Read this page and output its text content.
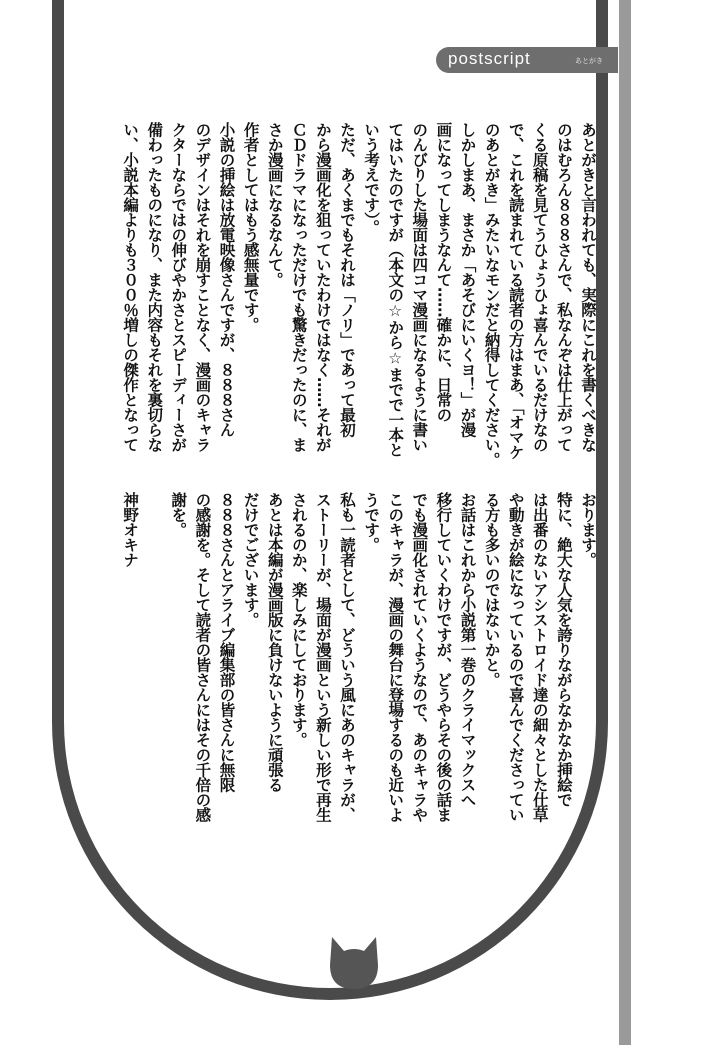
postscript	あとがき
あとがきと言われても、実際にこれを書くべきな
のはむろん８８８さんで、私なんぞは仕上がって
くる原稿を見てうひょうひょ喜んでいるだけなの
で、これを読まれている読者の方はまあ、「オマケ
のあとがき」みたいなモンだと納得してください。
しかしまあ、まさか「あそびにいくヨ！」が漫
画になってしまうなんて……確かに、日常の
のんびりした場面は四コマ漫画になるように書い
てはいたのですが（本文の☆から☆までで一本と
いう考えです）。
ただ、あくまでもそれは「ノリ」であって最初
から漫画化を狙っていたわけではなく……それが
ＣＤドラマになっただけでも驚きだったのに、ま
さか漫画になるなんて。
作者としてはもう感無量です。
小説の挿絵は放電映像さんですが、８８８さん
のデザインはそれを崩すことなく、漫画のキャラ
クターならではの伸びやかさとスピーディーさが
備わったものになり、また内容もそれを裏切らな
い、小説本編よりも３００％増しの傑作となって
おります。
特に、絶大な人気を誇りながらなかなか挿絵で
は出番のないアシストロイド達の細々とした仕草
や動きが絵になっているので喜んでくださってい
る方も多いのではないかと。
お話はこれから小説第一巻のクライマックスへ
移行していくわけですが、どうやらその後の話ま
でも漫画化されていくようなので、あのキャラや
このキャラが、漫画の舞台に登場するのも近いよ
うです。
私も一読者として、どういう風にあのキャラが、
ストーリーが、場面が漫画という新しい形で再生
されるのか、楽しみにしております。
あとは本編が漫画版に負けないように頑張る
だけでございます。
８８８さんとアライブ編集部の皆さんに無限
の感謝を。そして読者の皆さんにはその千倍の感
謝を。
神野オキナ
